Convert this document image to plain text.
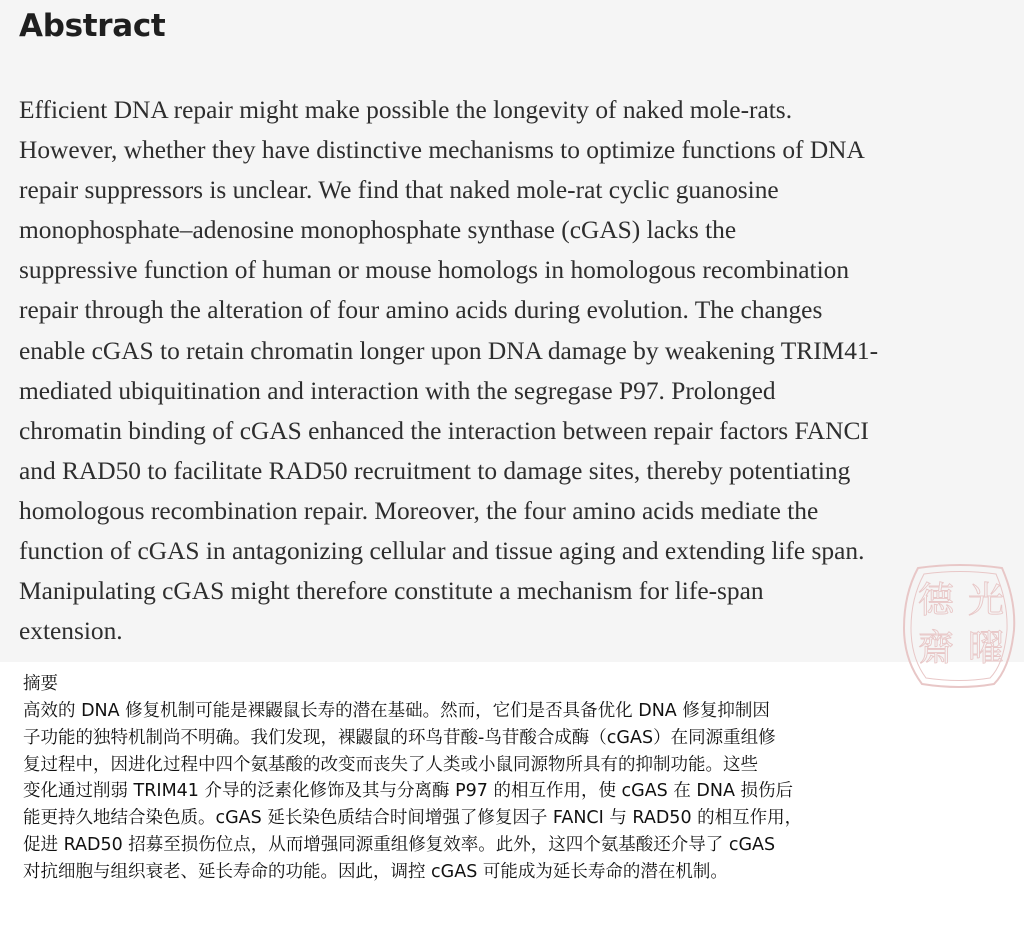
Abstract
Efficient DNA repair might make possible the longevity of naked mole-rats.
However, whether they have distinctive mechanisms to optimize functions of DNA
repair suppressors is unclear. We find that naked mole-rat cyclic guanosine
monophosphate–adenosine monophosphate synthase (cGAS) lacks the
suppressive function of human or mouse homologs in homologous recombination
repair through the alteration of four amino acids during evolution. The changes
enable cGAS to retain chromatin longer upon DNA damage by weakening TRIM41-
mediated ubiquitination and interaction with the segregase P97. Prolonged
chromatin binding of cGAS enhanced the interaction between repair factors FANCI
and RAD50 to facilitate RAD50 recruitment to damage sites, thereby potentiating
homologous recombination repair. Moreover, the four amino acids mediate the
function of cGAS in antagonizing cellular and tissue aging and extending life span.
Manipulating cGAS might therefore constitute a mechanism for life-span
extension.
光
曜
德
齋

摘要

高效的 DNA 修复机制可能是裸鼹鼠长寿的潜在基础。然而，它们是否具备优化 DNA 修复抑制因
子功能的独特机制尚不明确。我们发现，裸鼹鼠的环鸟苷酸-鸟苷酸合成酶（cGAS）在同源重组修
复过程中，因进化过程中四个氨基酸的改变而丧失了人类或小鼠同源物所具有的抑制功能。这些
变化通过削弱 TRIM41 介导的泛素化修饰及其与分离酶 P97 的相互作用，使 cGAS 在 DNA 损伤后
能更持久地结合染色质。cGAS 延长染色质结合时间增强了修复因子 FANCI 与 RAD50 的相互作用，
促进 RAD50 招募至损伤位点，从而增强同源重组修复效率。此外，这四个氨基酸还介导了 cGAS
对抗细胞与组织衰老、延长寿命的功能。因此，调控 cGAS 可能成为延长寿命的潜在机制。
